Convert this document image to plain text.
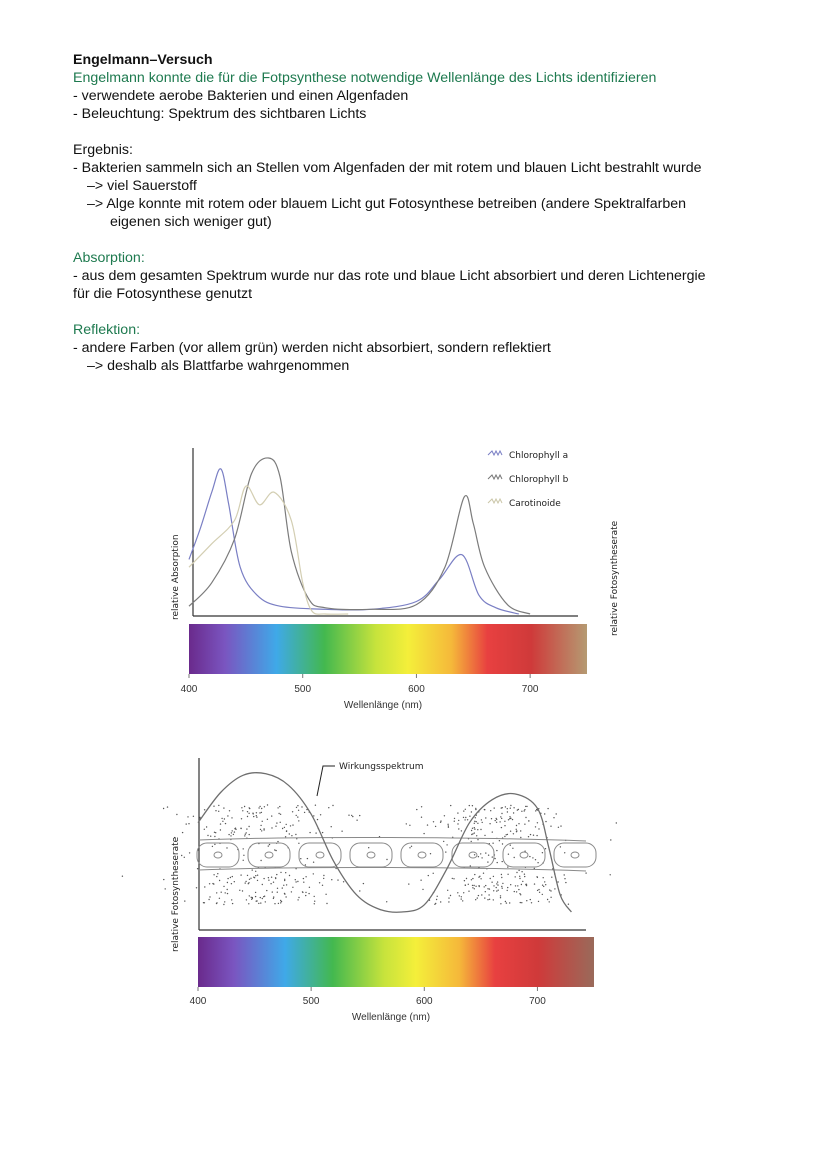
Engelmann–Versuch
Engelmann konnte die für die Fotpsynthese notwendige Wellenlänge des Lichts identifizieren
- verwendete aerobe Bakterien und einen Algenfaden
- Beleuchtung: Spektrum des sichtbaren Lichts
Ergebnis:
- Bakterien sammeln sich an Stellen vom Algenfaden der mit rotem und blauen Licht bestrahlt wurde
–> viel Sauerstoff
–> Alge konnte mit rotem oder blauem Licht gut Fotosynthese betreiben (andere Spektralfarben
eigenen sich weniger gut)
Absorption:
- aus dem gesamten Spektrum wurde nur das rote und blaue Licht absorbiert und deren Lichtenergie
für die Fotosynthese genutzt
Reflektion:
- andere Farben (vor allem grün) werden nicht absorbiert, sondern reflektiert
–> deshalb als Blattfarbe wahrgenommen
400	500	600	700
Wellenlänge (nm)
relative Absorption	relative Fotosyntheserate
Chlorophyll a
Chlorophyll b
Carotinoide
400	500	600	700
Wirkungsspektrum
Wellenlänge (nm)
relative Fotosyntheserate
